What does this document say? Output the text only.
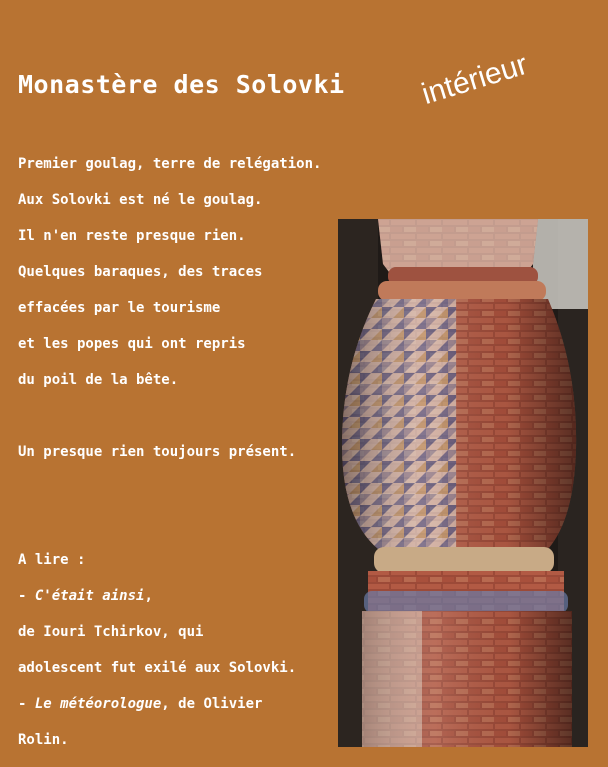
Monastère des Solovki intérieur
Premier goulag, terre de relégation.
Aux Solovki est né le goulag.
Il n'en reste presque rien.
Quelques baraques, des traces
effacées par le tourisme
et les popes qui ont repris
du poil de la bête.
Un presque rien toujours présent.
A lire :
- C'était ainsi,
de Iouri Tchirkov, qui
adolescent fut exilé aux Solovki.
- Le météorologue, de Olivier
Rolin.
